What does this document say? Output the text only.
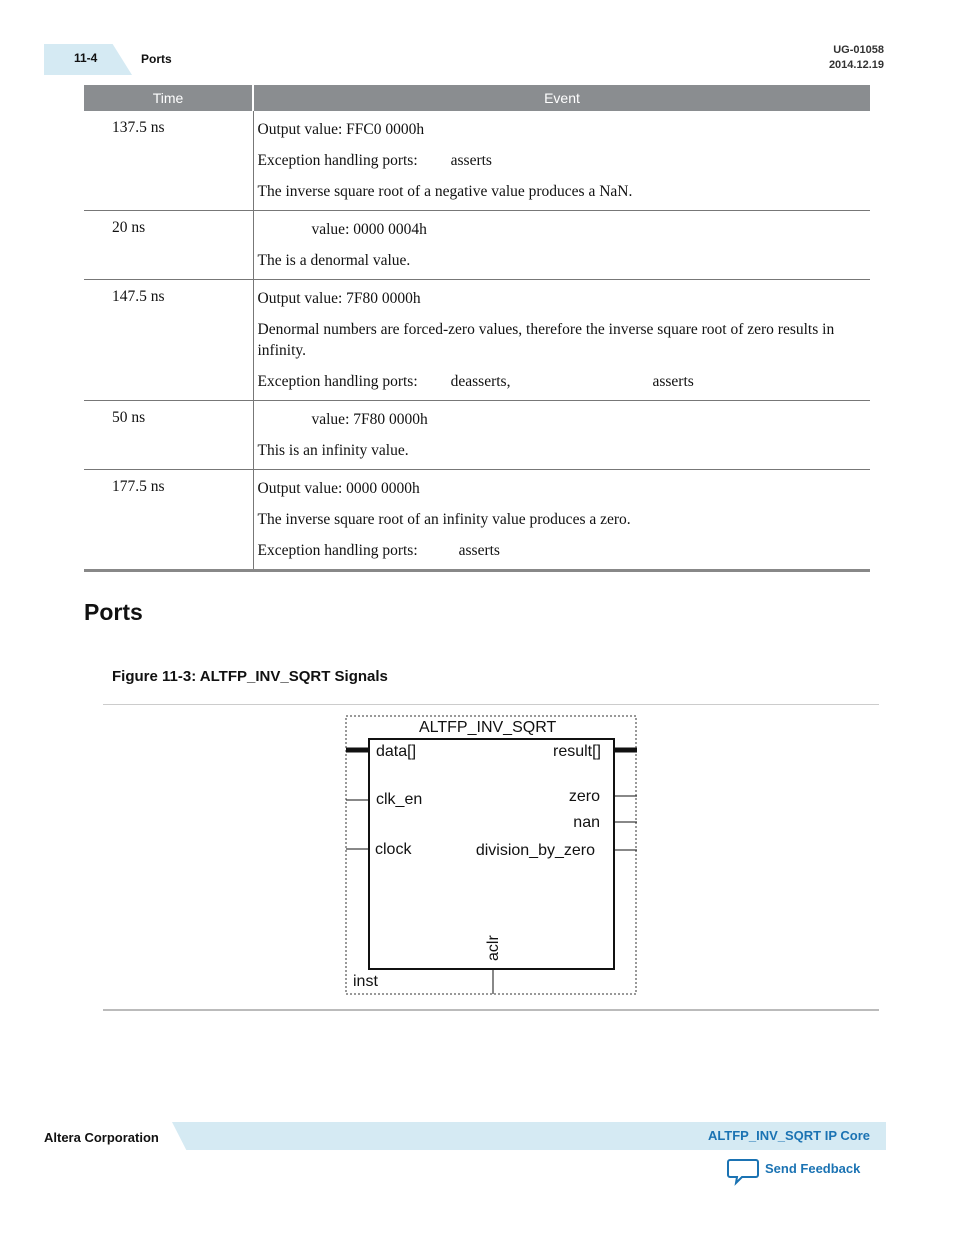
11-4	Ports
UG-01058
2014.12.19
Time	Event
137.5 ns	Output value: FFC0 0000h

Exception handling ports: asserts

The inverse square root of a negative value produces a NaN.

20 ns	value: 0000 0004h

The is a denormal value.

147.5 ns	Output value: 7F80 0000h

Denormal numbers are forced-zero values, therefore the inverse square root of zero results in infinity.

Exception handling ports: deasserts, asserts

50 ns	value: 7F80 0000h

This is an infinity value.

177.5 ns	Output value: 0000 0000h

The inverse square root of an infinity value produces a zero.

Exception handling ports: asserts

Ports
Figure 11-3: ALTFP_INV_SQRT Signals
ALTFP_INV_SQRT
data[]
clk_en
clock
result[]
zero
nan
division_by_zero
aclr
inst
Altera Corporation	ALTFP_INV_SQRT IP Core
Send Feedback
